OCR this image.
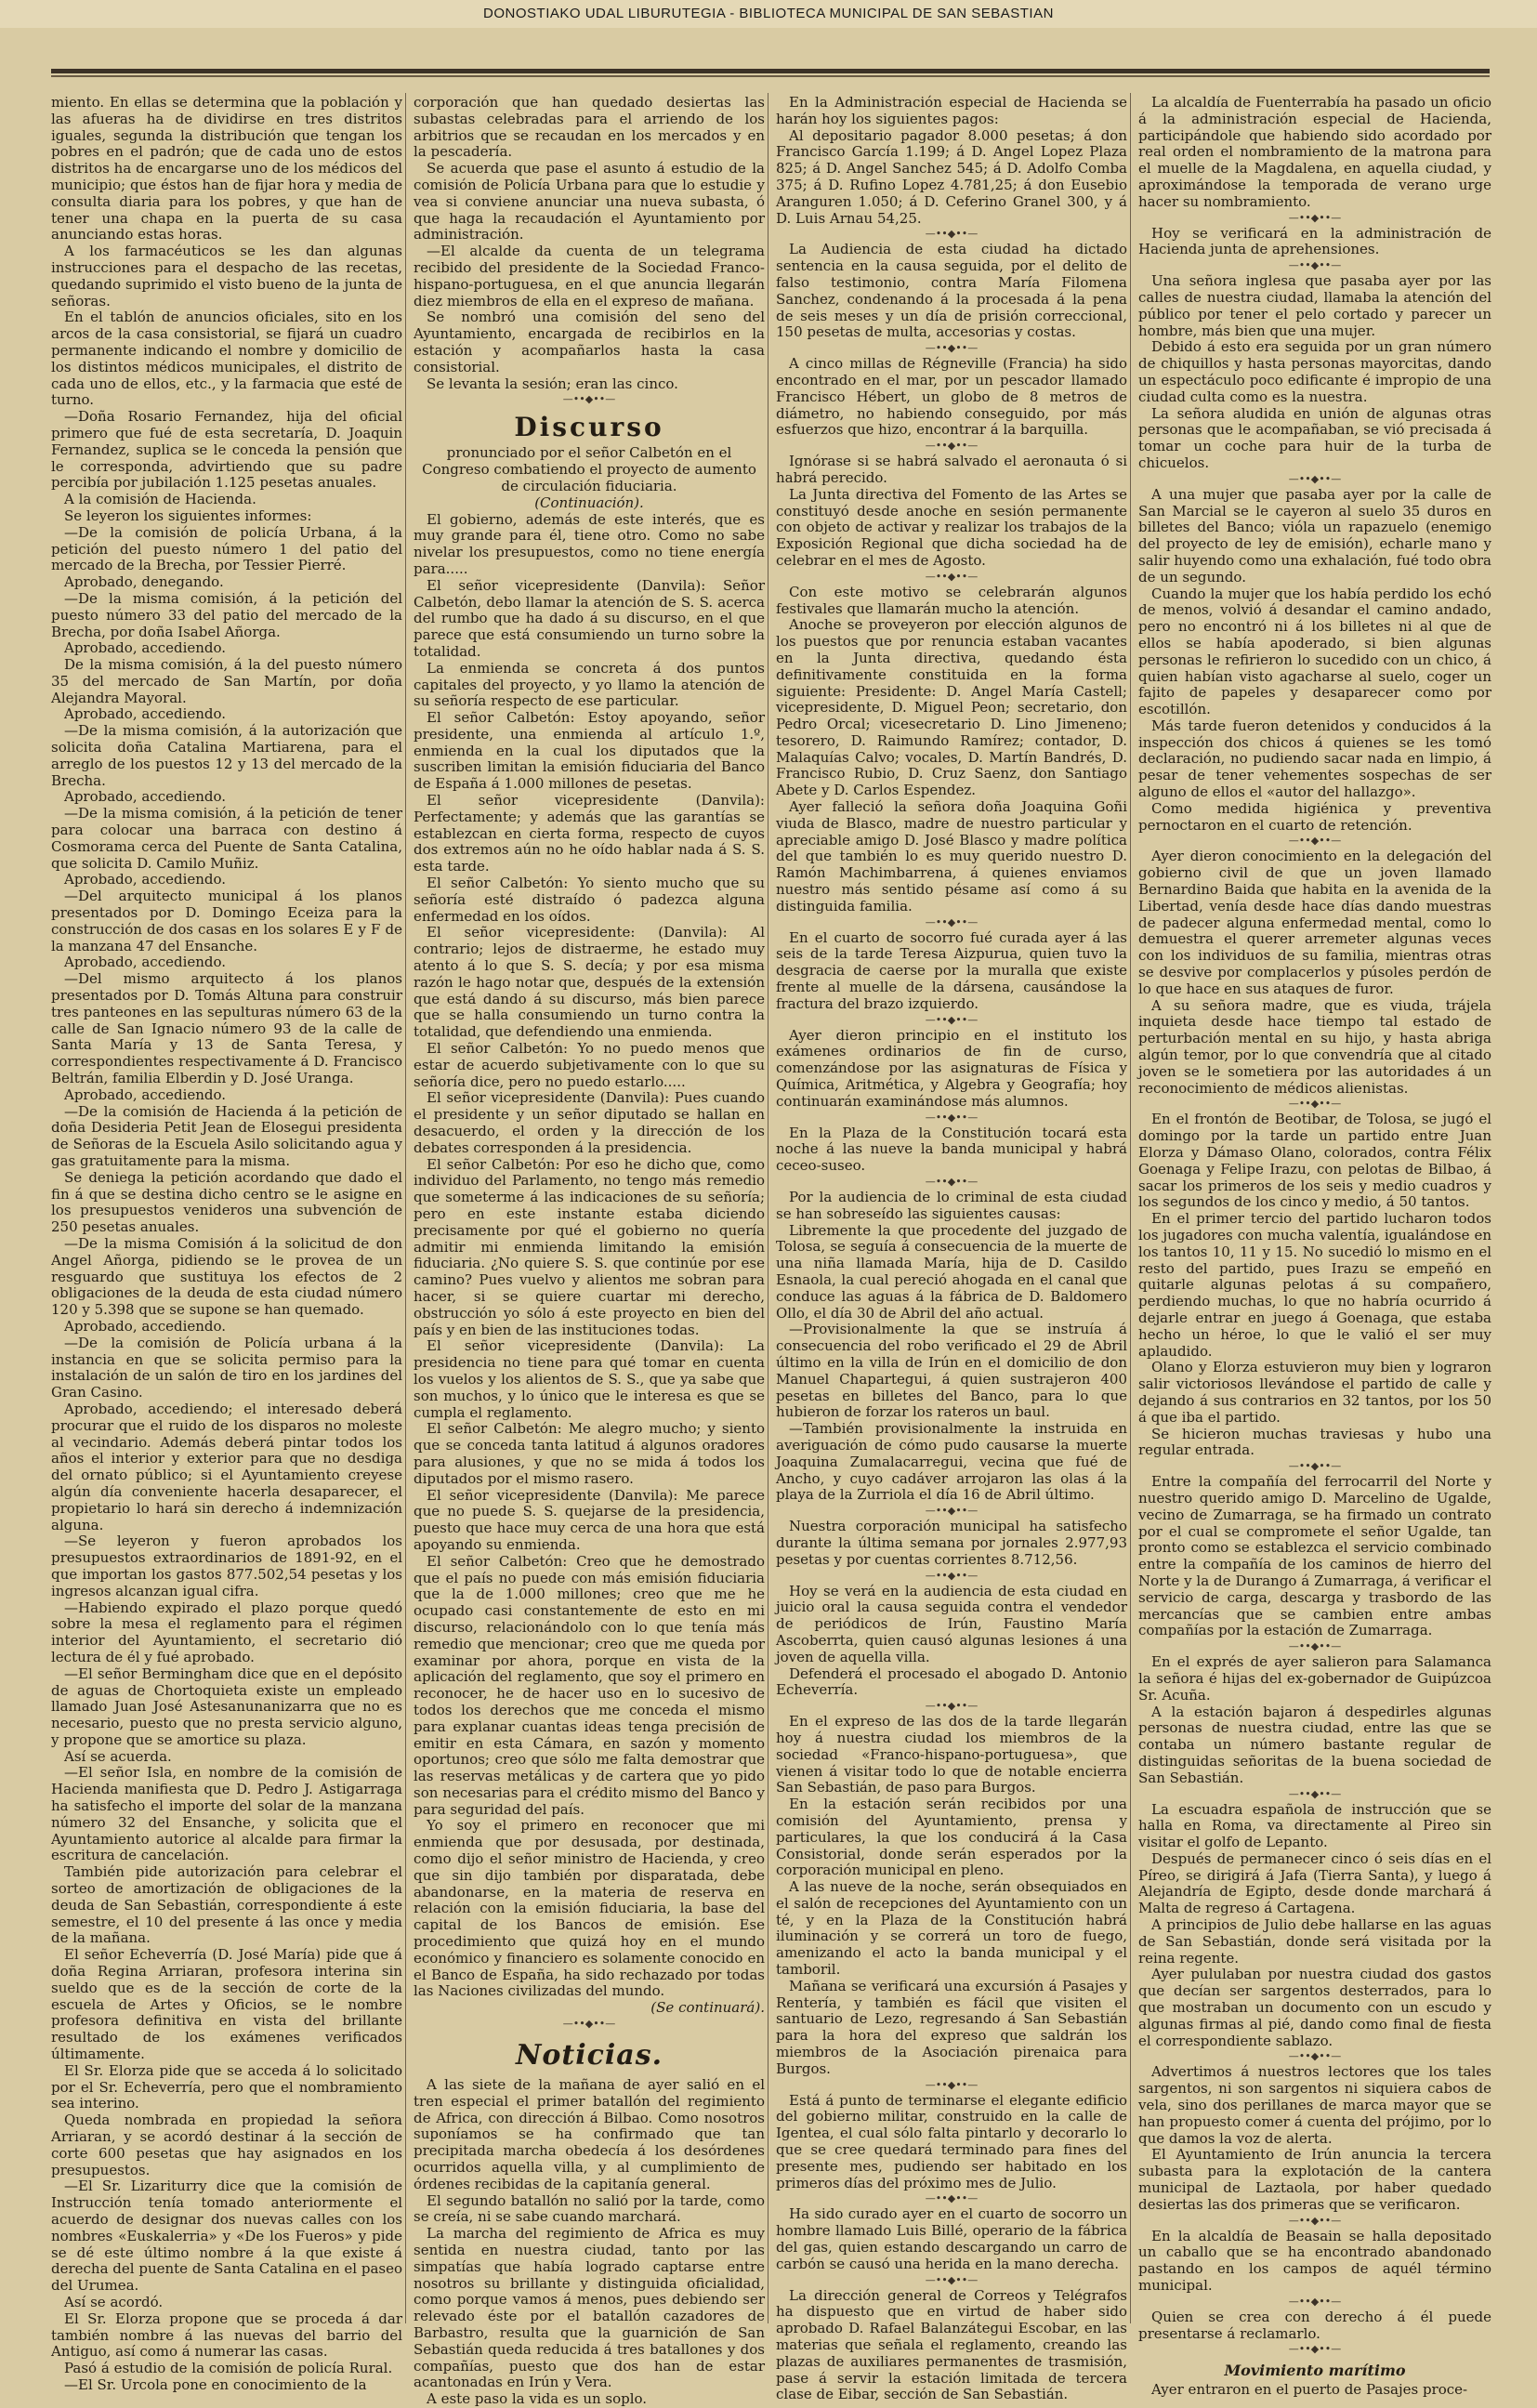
DONOSTIAKO UDAL LIBURUTEGIA - BIBLIOTECA MUNICIPAL DE SAN SEBASTIAN

miento. En ellas se determina que la población y las afueras ha de dividirse en tres distritos iguales, segunda la distribución que tengan los pobres en el padrón; que de cada uno de estos distritos ha de encargarse uno de los médicos del municipio; que éstos han de fijar hora y media de consulta diaria para los pobres, y que han de tener una chapa en la puerta de su casa anunciando estas horas.

A los farmacéuticos se les dan algunas instrucciones para el despacho de las recetas, quedando suprimido el visto bueno de la junta de señoras.

En el tablón de anuncios oficiales, sito en los arcos de la casa consistorial, se fijará un cuadro permanente indicando el nombre y domicilio de los distintos médicos municipales, el distrito de cada uno de ellos, etc., y la farmacia que esté de turno.

—Doña Rosario Fernandez, hija del oficial primero que fué de esta secretaría, D. Joaquin Fernandez, suplica se le conceda la pensión que le corresponda, advirtiendo que su padre percibía por jubilación 1.125 pesetas anuales.

A la comisión de Hacienda.

Se leyeron los siguientes informes:

—De la comisión de policía Urbana, á la petición del puesto número 1 del patio del mercado de la Brecha, por Tessier Pierré.

Aprobado, denegando.

—De la misma comisión, á la petición del puesto número 33 del patio del mercado de la Brecha, por doña Isabel Añorga.

Aprobado, accediendo.

De la misma comisión, á la del puesto número 35 del mercado de San Martín, por doña Alejandra Mayoral.

Aprobado, accediendo.

—De la misma comisión, á la autorización que solicita doña Catalina Martiarena, para el arreglo de los puestos 12 y 13 del mercado de la Brecha.

Aprobado, accediendo.

—De la misma comisión, á la petición de tener para colocar una barraca con destino á Cosmorama cerca del Puente de Santa Catalina, que solicita D. Camilo Muñiz.

Aprobado, accediendo.

—Del arquitecto municipal á los planos presentados por D. Domingo Eceiza para la construcción de dos casas en los solares E y F de la manzana 47 del Ensanche.

Aprobado, accediendo.

—Del mismo arquitecto á los planos presentados por D. Tomás Altuna para construir tres panteones en las sepulturas número 63 de la calle de San Ignacio número 93 de la calle de Santa María y 13 de Santa Teresa, y correspondientes respectivamente á D. Francisco Beltrán, familia Elberdin y D. José Uranga.

Aprobado, accediendo.

—De la comisión de Hacienda á la petición de doña Desideria Petit Jean de Elosegui presidenta de Señoras de la Escuela Asilo solicitando agua y gas gratuitamente para la misma.

Se deniega la petición acordando que dado el fin á que se destina dicho centro se le asigne en los presupuestos venideros una subvención de 250 pesetas anuales.

—De la misma Comisión á la solicitud de don Angel Añorga, pidiendo se le provea de un resguardo que sustituya los efectos de 2 obligaciones de la deuda de esta ciudad número 120 y 5.398 que se supone se han quemado.

Aprobado, accediendo.

—De la comisión de Policía urbana á la instancia en que se solicita permiso para la instalación de un salón de tiro en los jardines del Gran Casino.

Aprobado, accediendo; el interesado deberá procurar que el ruido de los disparos no moleste al vecindario. Además deberá pintar todos los años el interior y exterior para que no desdiga del ornato público; si el Ayuntamiento creyese algún día conveniente hacerla desaparecer, el propietario lo hará sin derecho á indemnización alguna.

—Se leyeron y fueron aprobados los presupuestos extraordinarios de 1891-92, en el que importan los gastos 877.502,54 pesetas y los ingresos alcanzan igual cifra.

—Habiendo expirado el plazo porque quedó sobre la mesa el reglamento para el régimen interior del Ayuntamiento, el secretario dió lectura de él y fué aprobado.

—El señor Bermingham dice que en el depósito de aguas de Chortoquieta existe un empleado llamado Juan José Astesanunanizarra que no es necesario, puesto que no presta servicio alguno, y propone que se amortice su plaza.

Así se acuerda.

—El señor Isla, en nombre de la comisión de Hacienda manifiesta que D. Pedro J. Astigarraga ha satisfecho el importe del solar de la manzana número 32 del Ensanche, y solicita que el Ayuntamiento autorice al alcalde para firmar la escritura de cancelación.

También pide autorización para celebrar el sorteo de amortización de obligaciones de la deuda de San Sebastián, correspondiente á este semestre, el 10 del presente á las once y media de la mañana.

El señor Echeverría (D. José María) pide que á doña Regina Arriaran, profesora interina sin sueldo que es de la sección de corte de la escuela de Artes y Oficios, se le nombre profesora definitiva en vista del brillante resultado de los exámenes verificados últimamente.

El Sr. Elorza pide que se acceda á lo solicitado por el Sr. Echeverría, pero que el nombramiento sea interino.

Queda nombrada en propiedad la señora Arriaran, y se acordó destinar á la sección de corte 600 pesetas que hay asignados en los presupuestos.

—El Sr. Lizariturry dice que la comisión de Instrucción tenía tomado anteriormente el acuerdo de designar dos nuevas calles con los nombres «Euskalerria» y «De los Fueros» y pide se dé este último nombre á la que existe á derecha del puente de Santa Catalina en el paseo del Urumea.

Así se acordó.

El Sr. Elorza propone que se proceda á dar también nombre á las nuevas del barrio del Antiguo, así como á numerar las casas.

Pasó á estudio de la comisión de policía Rural.

—El Sr. Urcola pone en conocimiento de la

corporación que han quedado desiertas las subastas celebradas para el arriendo de los arbitrios que se recaudan en los mercados y en la pescadería.

Se acuerda que pase el asunto á estudio de la comisión de Policía Urbana para que lo estudie y vea si conviene anunciar una nueva subasta, ó que haga la recaudación el Ayuntamiento por administración.

—El alcalde da cuenta de un telegrama recibido del presidente de la Sociedad Franco-hispano-portuguesa, en el que anuncia llegarán diez miembros de ella en el expreso de mañana.

Se nombró una comisión del seno del Ayuntamiento, encargada de recibirlos en la estación y acompañarlos hasta la casa consistorial.

Se levanta la sesión; eran las cinco.

—••◆••—
Discurso

pronunciado por el señor Calbetón en el Congreso combatiendo el proyecto de aumento de circulación fiduciaria.

(Continuación).

El gobierno, además de este interés, que es muy grande para él, tiene otro. Como no sabe nivelar los presupuestos, como no tiene energía para.....

El señor vicepresidente (Danvila): Señor Calbetón, debo llamar la atención de S. S. acerca del rumbo que ha dado á su discurso, en el que parece que está consumiendo un turno sobre la totalidad.

La enmienda se concreta á dos puntos capitales del proyecto, y yo llamo la atención de su señoría respecto de ese particular.

El señor Calbetón: Estoy apoyando, señor presidente, una enmienda al artículo 1.º, enmienda en la cual los diputados que la suscriben limitan la emisión fiduciaria del Banco de España á 1.000 millones de pesetas.

El señor vicepresidente (Danvila): Perfectamente; y además que las garantías se establezcan en cierta forma, respecto de cuyos dos extremos aún no he oído hablar nada á S. S. esta tarde.

El señor Calbetón: Yo siento mucho que su señoría esté distraído ó padezca alguna enfermedad en los oídos.

El señor vicepresidente: (Danvila): Al contrario; lejos de distraerme, he estado muy atento á lo que S. S. decía; y por esa misma razón le hago notar que, después de la extensión que está dando á su discurso, más bien parece que se halla consumiendo un turno contra la totalidad, que defendiendo una enmienda.

El señor Calbetón: Yo no puedo menos que estar de acuerdo subjetivamente con lo que su señoría dice, pero no puedo estarlo.....

El señor vicepresidente (Danvila): Pues cuando el presidente y un señor diputado se hallan en desacuerdo, el orden y la dirección de los debates corresponden á la presidencia.

El señor Calbetón: Por eso he dicho que, como individuo del Parlamento, no tengo más remedio que someterme á las indicaciones de su señoría; pero en este instante estaba diciendo precisamente por qué el gobierno no quería admitir mi enmienda limitando la emisión fiduciaria. ¿No quiere S. S. que continúe por ese camino? Pues vuelvo y alientos me sobran para hacer, si se quiere cuartar mi derecho, obstrucción yo sólo á este proyecto en bien del país y en bien de las instituciones todas.

El señor vicepresidente (Danvila): La presidencia no tiene para qué tomar en cuenta los vuelos y los alientos de S. S., que ya sabe que son muchos, y lo único que le interesa es que se cumpla el reglamento.

El señor Calbetón: Me alegro mucho; y siento que se conceda tanta latitud á algunos oradores para alusiones, y que no se mida á todos los diputados por el mismo rasero.

El señor vicepresidente (Danvila): Me parece que no puede S. S. quejarse de la presidencia, puesto que hace muy cerca de una hora que está apoyando su enmienda.

El señor Calbetón: Creo que he demostrado que el país no puede con más emisión fiduciaria que la de 1.000 millones; creo que me he ocupado casi constantemente de esto en mi discurso, relacionándolo con lo que tenía más remedio que mencionar; creo que me queda por examinar por ahora, porque en vista de la aplicación del reglamento, que soy el primero en reconocer, he de hacer uso en lo sucesivo de todos los derechos que me conceda el mismo para explanar cuantas ideas tenga precisión de emitir en esta Cámara, en sazón y momento oportunos; creo que sólo me falta demostrar que las reservas metálicas y de cartera que yo pido son necesarias para el crédito mismo del Banco y para seguridad del país.

Yo soy el primero en reconocer que mi enmienda que por desusada, por destinada, como dijo el señor ministro de Hacienda, y creo que sin dijo también por disparatada, debe abandonarse, en la materia de reserva en relación con la emisión fiduciaria, la base del capital de los Bancos de emisión. Ese procedimiento que quizá hoy en el mundo económico y financiero es solamente conocido en el Banco de España, ha sido rechazado por todas las Naciones civilizadas del mundo.

(Se continuará).

—••◆••—
Noticias.

A las siete de la mañana de ayer salió en el tren especial el primer batallón del regimiento de Africa, con dirección á Bilbao. Como nosotros suponíamos se ha confirmado que tan precipitada marcha obedecía á los desórdenes ocurridos aquella villa, y al cumplimiento de órdenes recibidas de la capitanía general.

El segundo batallón no salió por la tarde, como se creía, ni se sabe cuando marchará.

La marcha del regimiento de Africa es muy sentida en nuestra ciudad, tanto por las simpatías que había logrado captarse entre nosotros su brillante y distinguida oficialidad, como porque vamos á menos, pues debiendo ser relevado éste por el batallón cazadores de Barbastro, resulta que la guarnición de San Sebastián queda reducida á tres batallones y dos compañías, puesto que dos han de estar acantonadas en Irún y Vera.

A este paso la vida es un soplo.

En la Administración especial de Hacienda se harán hoy los siguientes pagos:

Al depositario pagador 8.000 pesetas; á don Francisco García 1.199; á D. Angel Lopez Plaza 825; á D. Angel Sanchez 545; á D. Adolfo Comba 375; á D. Rufino Lopez 4.781,25; á don Eusebio Aranguren 1.050; á D. Ceferino Granel 300, y á D. Luis Arnau 54,25.

—••◆••—

La Audiencia de esta ciudad ha dictado sentencia en la causa seguida, por el delito de falso testimonio, contra María Filomena Sanchez, condenando á la procesada á la pena de seis meses y un día de prisión correccional, 150 pesetas de multa, accesorias y costas.

—••◆••—

A cinco millas de Régneville (Francia) ha sido encontrado en el mar, por un pescador llamado Francisco Hébert, un globo de 8 metros de diámetro, no habiendo conseguido, por más esfuerzos que hizo, encontrar á la barquilla.

—••◆••—

Ignórase si se habrá salvado el aeronauta ó si habrá perecido.

La Junta directiva del Fomento de las Artes se constituyó desde anoche en sesión permanente con objeto de activar y realizar los trabajos de la Exposición Regional que dicha sociedad ha de celebrar en el mes de Agosto.

—••◆••—

Con este motivo se celebrarán algunos festivales que llamarán mucho la atención.

Anoche se proveyeron por elección algunos de los puestos que por renuncia estaban vacantes en la Junta directiva, quedando ésta definitivamente constituida en la forma siguiente: Presidente: D. Angel María Castell; vicepresidente, D. Miguel Peon; secretario, don Pedro Orcal; vicesecretario D. Lino Jimeneno; tesorero, D. Raimundo Ramírez; contador, D. Malaquías Calvo; vocales, D. Martín Bandrés, D. Francisco Rubio, D. Cruz Saenz, don Santiago Abete y D. Carlos Espendez.

Ayer falleció la señora doña Joaquina Goñi viuda de Blasco, madre de nuestro particular y apreciable amigo D. José Blasco y madre política del que también lo es muy querido nuestro D. Ramón Machimbarrena, á quienes enviamos nuestro más sentido pésame así como á su distinguida familia.

—••◆••—

En el cuarto de socorro fué curada ayer á las seis de la tarde Teresa Aizpurua, quien tuvo la desgracia de caerse por la muralla que existe frente al muelle de la dársena, causándose la fractura del brazo izquierdo.

—••◆••—

Ayer dieron principio en el instituto los exámenes ordinarios de fin de curso, comenzándose por las asignaturas de Física y Química, Aritmética, y Algebra y Geografía; hoy continuarán examinándose más alumnos.

—••◆••—

En la Plaza de la Constitución tocará esta noche á las nueve la banda municipal y habrá ceceo-suseo.

—••◆••—

Por la audiencia de lo criminal de esta ciudad se han sobreseído las siguientes causas:

Libremente la que procedente del juzgado de Tolosa, se seguía á consecuencia de la muerte de una niña llamada María, hija de D. Casildo Esnaola, la cual pereció ahogada en el canal que conduce las aguas á la fábrica de D. Baldomero Ollo, el día 30 de Abril del año actual.

—Provisionalmente la que se instruía á consecuencia del robo verificado el 29 de Abril último en la villa de Irún en el domicilio de don Manuel Chapartegui, á quien sustrajeron 400 pesetas en billetes del Banco, para lo que hubieron de forzar los rateros un baul.

—También provisionalmente la instruida en averiguación de cómo pudo causarse la muerte Joaquina Zumalacarregui, vecina que fué de Ancho, y cuyo cadáver arrojaron las olas á la playa de la Zurriola el día 16 de Abril último.

—••◆••—

Nuestra corporación municipal ha satisfecho durante la última semana por jornales 2.977,93 pesetas y por cuentas corrientes 8.712,56.

—••◆••—

Hoy se verá en la audiencia de esta ciudad en juicio oral la causa seguida contra el vendedor de periódicos de Irún, Faustino María Ascoberrta, quien causó algunas lesiones á una joven de aquella villa.

Defenderá el procesado el abogado D. Antonio Echeverría.

—••◆••—

En el expreso de las dos de la tarde llegarán hoy á nuestra ciudad los miembros de la sociedad «Franco-hispano-portuguesa», que vienen á visitar todo lo que de notable encierra San Sebastián, de paso para Burgos.

En la estación serán recibidos por una comisión del Ayuntamiento, prensa y particulares, la que los conducirá á la Casa Consistorial, donde serán esperados por la corporación municipal en pleno.

A las nueve de la noche, serán obsequiados en el salón de recepciones del Ayuntamiento con un té, y en la Plaza de la Constitución habrá iluminación y se correrá un toro de fuego, amenizando el acto la banda municipal y el tamboril.

Mañana se verificará una excursión á Pasajes y Rentería, y también es fácil que visiten el santuario de Lezo, regresando á San Sebastián para la hora del expreso que saldrán los miembros de la Asociación pirenaica para Burgos.

—••◆••—

Está á punto de terminarse el elegante edificio del gobierno militar, construido en la calle de Igentea, el cual sólo falta pintarlo y decorarlo lo que se cree quedará terminado para fines del presente mes, pudiendo ser habitado en los primeros días del próximo mes de Julio.

—••◆••—

Ha sido curado ayer en el cuarto de socorro un hombre llamado Luis Billé, operario de la fábrica del gas, quien estando descargando un carro de carbón se causó una herida en la mano derecha.

—••◆••—

La dirección general de Correos y Telégrafos ha dispuesto que en virtud de haber sido aprobado D. Rafael Balanzátegui Escobar, en las materias que señala el reglamento, creando las plazas de auxiliares permanentes de trasmisión, pase á servir la estación limitada de tercera clase de Eibar, sección de San Sebastián.

La alcaldía de Fuenterrabía ha pasado un oficio á la administración especial de Hacienda, participándole que habiendo sido acordado por real orden el nombramiento de la matrona para el muelle de la Magdalena, en aquella ciudad, y aproximándose la temporada de verano urge hacer su nombramiento.

—••◆••—

Hoy se verificará en la administración de Hacienda junta de aprehensiones.

—••◆••—

Una señora inglesa que pasaba ayer por las calles de nuestra ciudad, llamaba la atención del público por tener el pelo cortado y parecer un hombre, más bien que una mujer.

Debido á esto era seguida por un gran número de chiquillos y hasta personas mayorcitas, dando un espectáculo poco edificante é impropio de una ciudad culta como es la nuestra.

La señora aludida en unión de algunas otras personas que le acompañaban, se vió precisada á tomar un coche para huir de la turba de chicuelos.

—••◆••—

A una mujer que pasaba ayer por la calle de San Marcial se le cayeron al suelo 35 duros en billetes del Banco; vióla un rapazuelo (enemigo del proyecto de ley de emisión), echarle mano y salir huyendo como una exhalación, fué todo obra de un segundo.

Cuando la mujer que los había perdido los echó de menos, volvió á desandar el camino andado, pero no encontró ni á los billetes ni al que de ellos se había apoderado, si bien algunas personas le refirieron lo sucedido con un chico, á quien habían visto agacharse al suelo, coger un fajito de papeles y desaparecer como por escotillón.

Más tarde fueron detenidos y conducidos á la inspección dos chicos á quienes se les tomó declaración, no pudiendo sacar nada en limpio, á pesar de tener vehementes sospechas de ser alguno de ellos el «autor del hallazgo».

Como medida higiénica y preventiva pernoctaron en el cuarto de retención.

—••◆••—

Ayer dieron conocimiento en la delegación del gobierno civil de que un joven llamado Bernardino Baida que habita en la avenida de la Libertad, venía desde hace días dando muestras de padecer alguna enfermedad mental, como lo demuestra el querer arremeter algunas veces con los individuos de su familia, mientras otras se desvive por complacerlos y púsoles perdón de lo que hace en sus ataques de furor.

A su señora madre, que es viuda, trájela inquieta desde hace tiempo tal estado de perturbación mental en su hijo, y hasta abriga algún temor, por lo que convendría que al citado joven se le sometiera por las autoridades á un reconocimiento de médicos alienistas.

—••◆••—

En el frontón de Beotibar, de Tolosa, se jugó el domingo por la tarde un partido entre Juan Elorza y Dámaso Olano, colorados, contra Félix Goenaga y Felipe Irazu, con pelotas de Bilbao, á sacar los primeros de los seis y medio cuadros y los segundos de los cinco y medio, á 50 tantos.

En el primer tercio del partido lucharon todos los jugadores con mucha valentía, igualándose en los tantos 10, 11 y 15. No sucedió lo mismo en el resto del partido, pues Irazu se empeñó en quitarle algunas pelotas á su compañero, perdiendo muchas, lo que no habría ocurrido á dejarle entrar en juego á Goenaga, que estaba hecho un héroe, lo que le valió el ser muy aplaudido.

Olano y Elorza estuvieron muy bien y lograron salir victoriosos llevándose el partido de calle y dejando á sus contrarios en 32 tantos, por los 50 á que iba el partido.

Se hicieron muchas traviesas y hubo una regular entrada.

—••◆••—

Entre la compañía del ferrocarril del Norte y nuestro querido amigo D. Marcelino de Ugalde, vecino de Zumarraga, se ha firmado un contrato por el cual se compromete el señor Ugalde, tan pronto como se establezca el servicio combinado entre la compañía de los caminos de hierro del Norte y la de Durango á Zumarraga, á verificar el servicio de carga, descarga y trasbordo de las mercancías que se cambien entre ambas compañías por la estación de Zumarraga.

—••◆••—

En el exprés de ayer salieron para Salamanca la señora é hijas del ex-gobernador de Guipúzcoa Sr. Acuña.

A la estación bajaron á despedirles algunas personas de nuestra ciudad, entre las que se contaba un número bastante regular de distinguidas señoritas de la buena sociedad de San Sebastián.

—••◆••—

La escuadra española de instrucción que se halla en Roma, va directamente al Pireo sin visitar el golfo de Lepanto.

Después de permanecer cinco ó seis días en el Píreo, se dirigirá á Jafa (Tierra Santa), y luego á Alejandría de Egipto, desde donde marchará á Malta de regreso á Cartagena.

A principios de Julio debe hallarse en las aguas de San Sebastián, donde será visitada por la reina regente.

Ayer pululaban por nuestra ciudad dos gastos que decían ser sargentos desterrados, para lo que mostraban un documento con un escudo y algunas firmas al pié, dando como final de fiesta el correspondiente sablazo.

—••◆••—

Advertimos á nuestros lectores que los tales sargentos, ni son sargentos ni siquiera cabos de vela, sino dos perillanes de marca mayor que se han propuesto comer á cuenta del prójimo, por lo que damos la voz de alerta.

El Ayuntamiento de Irún anuncia la tercera subasta para la explotación de la cantera municipal de Laztaola, por haber quedado desiertas las dos primeras que se verificaron.

—••◆••—

En la alcaldía de Beasain se halla depositado un caballo que se ha encontrado abandonado pastando en los campos de aquél término municipal.

—••◆••—

Quien se crea con derecho á él puede presentarse á reclamarlo.

—••◆••—
Movimiento marítimo

Ayer entraron en el puerto de Pasajes proce-
